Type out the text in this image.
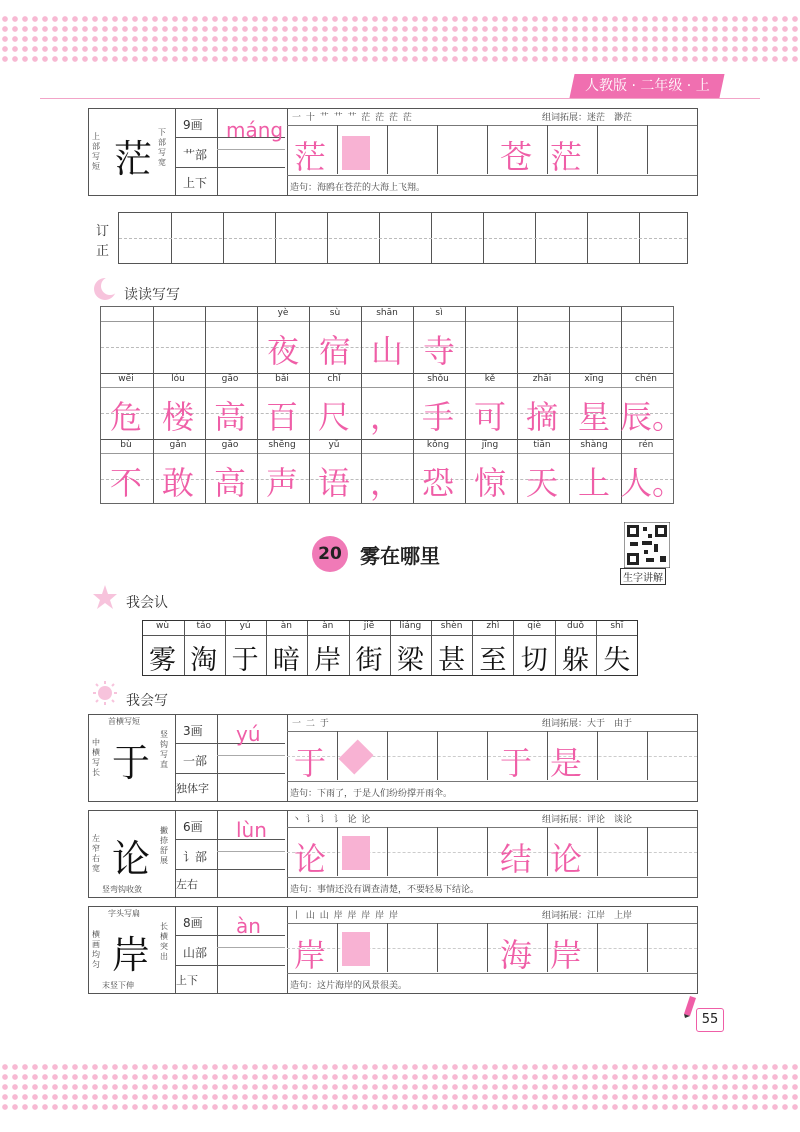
人教版 · 二年级 · 上
上部写短
下部写宽
茫
9画
艹部
上下
máng 一 十 艹 艹 艹 茫 茫 茫 茫	组词拓展：迷茫　渺茫
造句：海鸥在苍茫的大海上飞翔。
茫	苍 茫
订
正
读读写写
yè	sù	shān	sì
夜 宿 山 寺
wēi	lóu	gāo	bǎi	chǐ	shǒu	kě	zhāi	xīng	chén
危 楼 高 百 尺 ， 手 可 摘 星 辰。
bù	gǎn	gāo	shēng	yǔ	kǒng	jīng	tiān	shàng	rén
不 敢 高 声 语 ， 恐 惊 天 上 人。
20 雾在哪里
生字讲解
我会认
wù	táo	yú	àn	àn	jiē	liáng	shèn	zhì	qiè	duǒ	shī
雾 淘 于 暗 岸 街 梁 甚 至 切 躲 失
我会写
首横写短
中横写长
竖钩写直
于
3画
一部
独体字
yú	一 二 于	组词拓展：大于　由于
造句：下雨了，于是人们纷纷撑开雨伞。
于	于 是
左窄右宽
撇捺舒展
竖弯钩收敛
论
6画
讠部
左右
lùn	丶 讠 讠 讠 论 论	组词拓展：评论　谈论
造句：事情还没有调查清楚，不要轻易下结论。
论	结 论
字头写扁
横画均匀
长横突出
末竖下伸
岸
8画
山部
上下
àn	丨 山 山 岸 岸 岸 岸 岸	组词拓展：江岸　上岸
造句：这片海岸的风景很美。
岸	海 岸
55
